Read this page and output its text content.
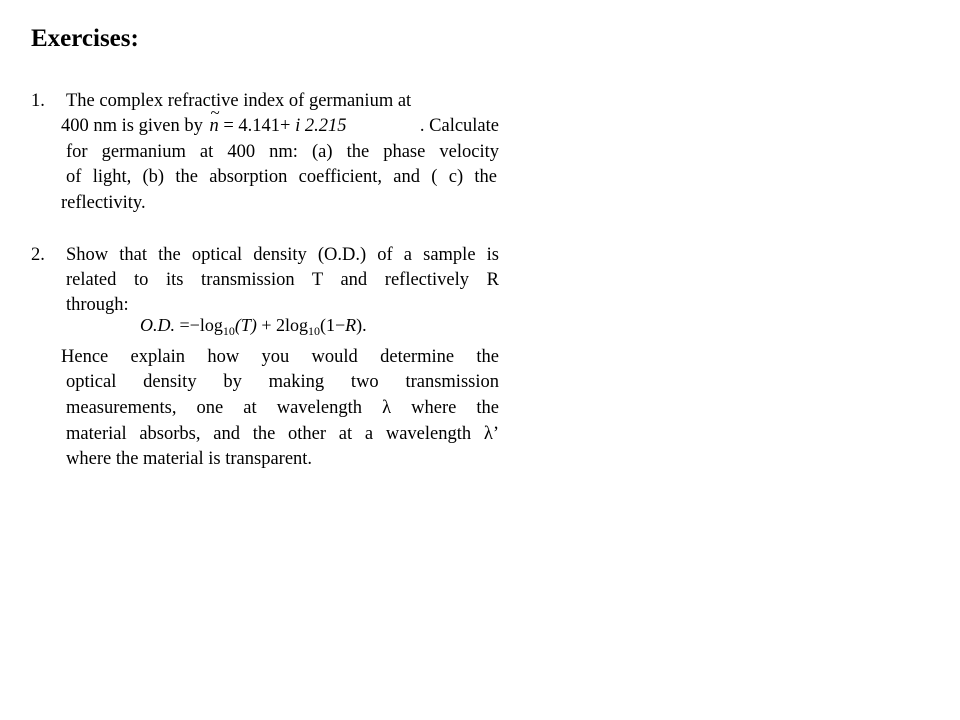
Exercises:
1. The complex refractive index of germanium at
400 nm is given by ~ n = 4.141+ i 2.215	. Calculate
for germanium at 400 nm: (a) the phase velocity
of light, (b) the absorption coefficient, and ( c) the
reflectivity.
2. Show that the optical density (O.D.) of a sample is
related to its transmission T and reflectively R
through:
O.D. $=-\log_{10}(T) + 2\log_{10}(1-R)$.
Hence explain how you would determine the
optical density by making two transmission
measurements, one at wavelength λ where the
material absorbs, and the other at a wavelength λ’
where the material is transparent.
